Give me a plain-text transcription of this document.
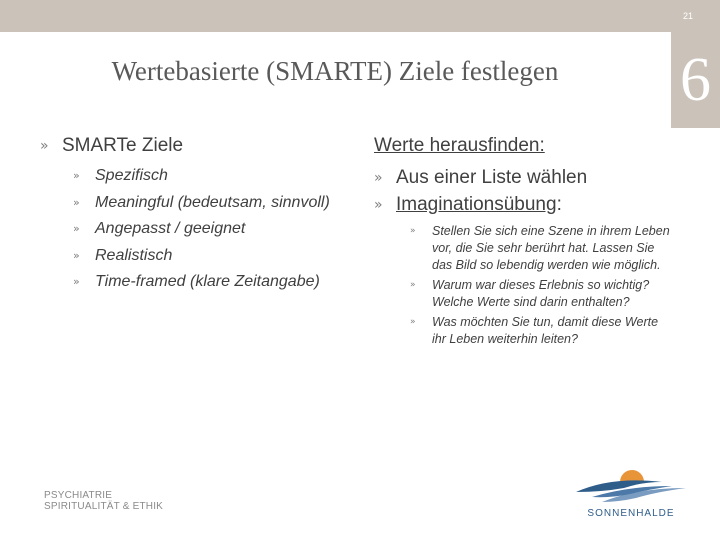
21
6
Wertebasierte (SMARTE) Ziele festlegen
» SMARTe Ziele
» Spezifisch
» Meaningful (bedeutsam, sinnvoll)
» Angepasst / geeignet
» Realistisch
» Time-framed (klare Zeitangabe)
Werte herausfinden:
» Aus einer Liste wählen
» Imaginationsübung:
»	Stellen Sie sich eine Szene in ihrem Leben vor, die Sie sehr berührt hat. Lassen Sie das Bild so lebendig werden wie möglich.
»	Warum war dieses Erlebnis so wichtig? Welche Werte sind darin enthalten?
»	Was möchten Sie tun, damit diese Werte ihr Leben weiterhin leiten?
PSYCHIATRIE
SPIRITUALITÄT & ETHIK
SONNENHALDE
